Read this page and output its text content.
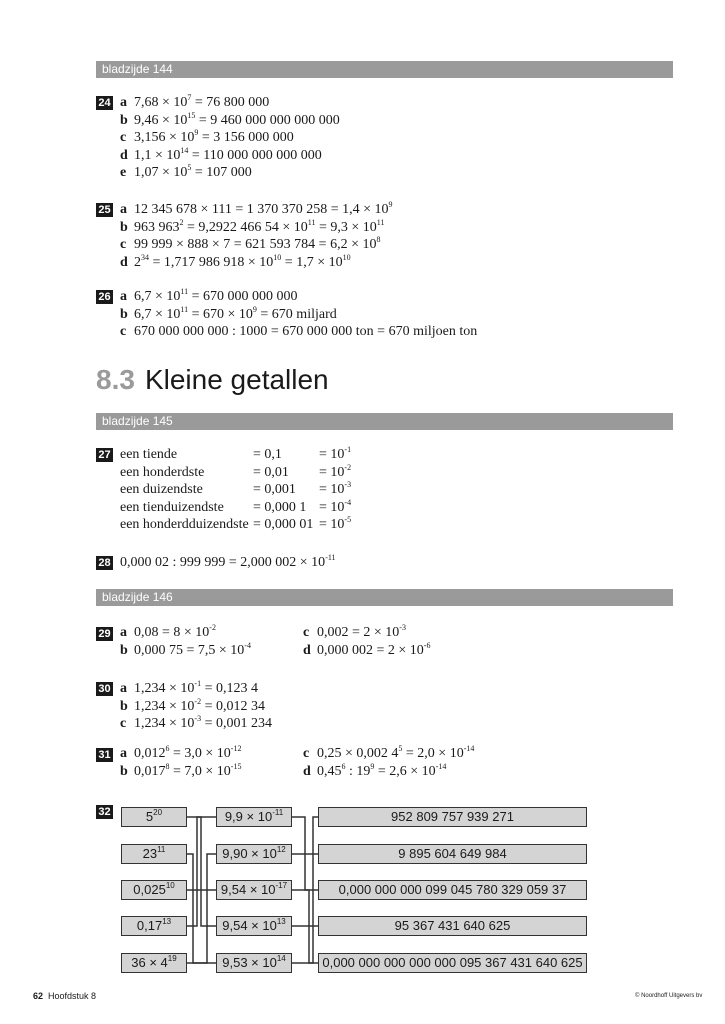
bladzijde 144
24 a $7,68 \times 10^7 = 76$ 800 000
b $9,46 \times 10^{15} = 9$ 460 000 000 000 000
c $3,156 \times 10^9 = 3$ 156 000 000
d $1,1 \times 10^{14} = 110$ 000 000 000 000
e $1,07 \times 10^5 = 107$ 000
25 a 12 345 678 × 111 = 1 370 370 $258 = 1,4 \times 10^9$
b 963 $963^2 = 9,2922$ 466 $54 \times 10^{11} = 9,3 \times 10^{11}$
c 99 999 × 888 × 7 = 621 593 $784 = 6,2 \times 10^8$
d $2^{34} = 1,717$ 986 $918 \times 10^{10} = 1,7 \times 10^{10}$
26 a $6,7 \times 10^{11} = 670$ 000 000 000
b $6,7 \times 10^{11} = 670 \times 10^9 = 670$ miljard
c 670 000 000 000 : 1000 = 670 000 000 ton = 670 miljoen ton
8.3 Kleine getallen
bladzijde 145
27 een tiende	= 0,1	= $10^{-1}$
een honderdste	= $0,01 = 10^{-2}$
een duizendste	= $0,001 = 10^{-3}$
een tienduizendste = 0,000 $1 = 10^{-4}$
een honderdduizendste = 0,000 $01 = 10^{-5}$
28 0,000 02 : 999 999 = 2,000 $002 \times 10^{-11}$
bladzijde 146
29 a $0,08 = 8 \times 10^{-2}$
b 0,000 $75 = 7,5 \times 10^{-4}$
c $0,002 = 2 \times 10^{-3}$
d 0,000 $002 = 2 \times 10^{-6}$
30 a $1,234 \times 10^{-1} = 0,123$ 4
b $1,234 \times 10^{-2} = 0,012$ 34
c $1,234 \times 10^{-3} = 0,001$ 234
31 a $0,012^6 = 3,0 \times 10^{-12}$
b $0,017^8 = 7,0 \times 10^{-15}$
c 0,25 × 0,002 $4^5 = 2,0 \times 10^{-14}$
d 0,45$^6$ : $19^9 = 2,6 \times 10^{-14}$
32	$5^{20}$
$23^{11}$
0,025$^{10}$
0,17$^{13}$
$36 \times 4^{19}$
$9,9 \times 10^{-11}$
$9,90 \times 10^{12}$
$9,54 \times 10^{-17}$
$9,54 \times 10^{13}$
$9,53 \times 10^{14}$
952 809 757 939 271
9 895 604 649 984
0,000 000 000 099 045 780 329 059 37
95 367 431 640 625
0,000 000 000 000 000 095 367 431 640 625
62 Hoofdstuk 8	© Noordhoff Uitgevers bv
